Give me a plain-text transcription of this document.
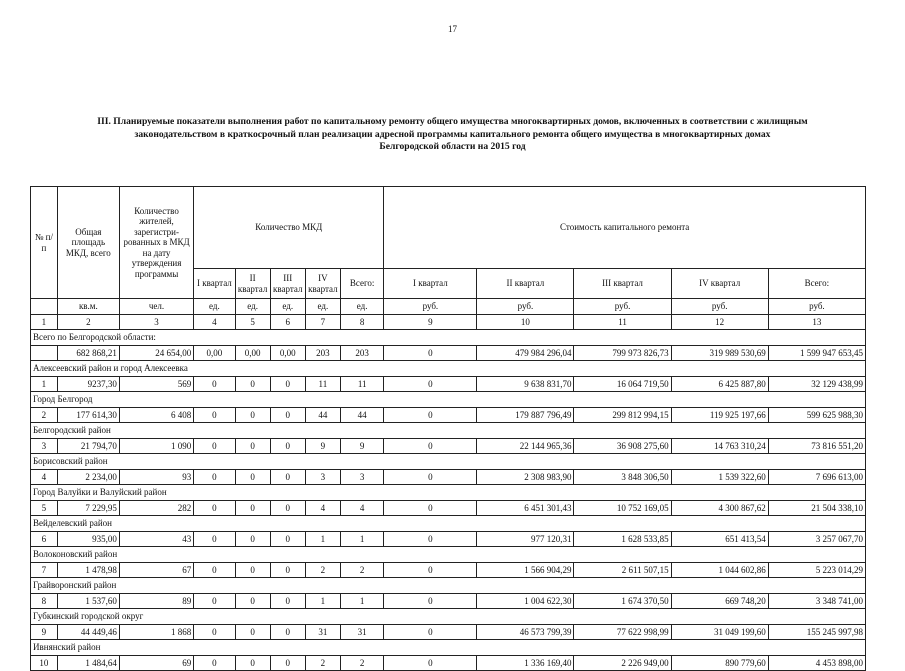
17
III. Планируемые показатели выполнения работ по капитальному ремонту общего имущества многоквартирных домов, включенных в соответствии с жилищным
законодательством в краткосрочный план реализации адресной программы капитального ремонта общего имущества в многоквартирных домах
Белгородской области на 2015 год
№ п/п	Общая площадь МКД, всего	Количество жителей, зарегистри-рованных в МКД на дату утверждения программы	Количество МКД					Стоимость капитального ремонта				
			I квартал	II квартал	III квартал	IV квартал	Всего:	I квартал	II квартал	III квартал	IV квартал	Всего:
	кв.м.	чел.	ед.	ед.	ед.	ед.	ед.	руб.	руб.	руб.	руб.	руб.
1	2	3	4	5	6	7	8	9	10	11	12	13
Всего по Белгородской области:												
	682 868,21	24 654,00	0,00	0,00	0,00	203	203	0	479 984 296,04	799 973 826,73	319 989 530,69	1 599 947 653,45
Алексеевский район и город Алексеевка												
1	9237,30	569	0	0	0	11	11	0	9 638 831,70	16 064 719,50	6 425 887,80	32 129 438,99
Город Белгород												
2	177 614,30	6 408	0	0	0	44	44	0	179 887 796,49	299 812 994,15	119 925 197,66	599 625 988,30
Белгородский район												
3	21 794,70	1 090	0	0	0	9	9	0	22 144 965,36	36 908 275,60	14 763 310,24	73 816 551,20
Борисовский район												
4	2 234,00	93	0	0	0	3	3	0	2 308 983,90	3 848 306,50	1 539 322,60	7 696 613,00
Город Валуйки и Валуйский район												
5	7 229,95	282	0	0	0	4	4	0	6 451 301,43	10 752 169,05	4 300 867,62	21 504 338,10
Вейделевский район												
6	935,00	43	0	0	0	1	1	0	977 120,31	1 628 533,85	651 413,54	3 257 067,70
Волоконовский район												
7	1 478,98	67	0	0	0	2	2	0	1 566 904,29	2 611 507,15	1 044 602,86	5 223 014,29
Грайворонский район												
8	1 537,60	89	0	0	0	1	1	0	1 004 622,30	1 674 370,50	669 748,20	3 348 741,00
Губкинский городской округ												
9	44 449,46	1 868	0	0	0	31	31	0	46 573 799,39	77 622 998,99	31 049 199,60	155 245 997,98
Ивнянский район												
10	1 484,64	69	0	0	0	2	2	0	1 336 169,40	2 226 949,00	890 779,60	4 453 898,00
